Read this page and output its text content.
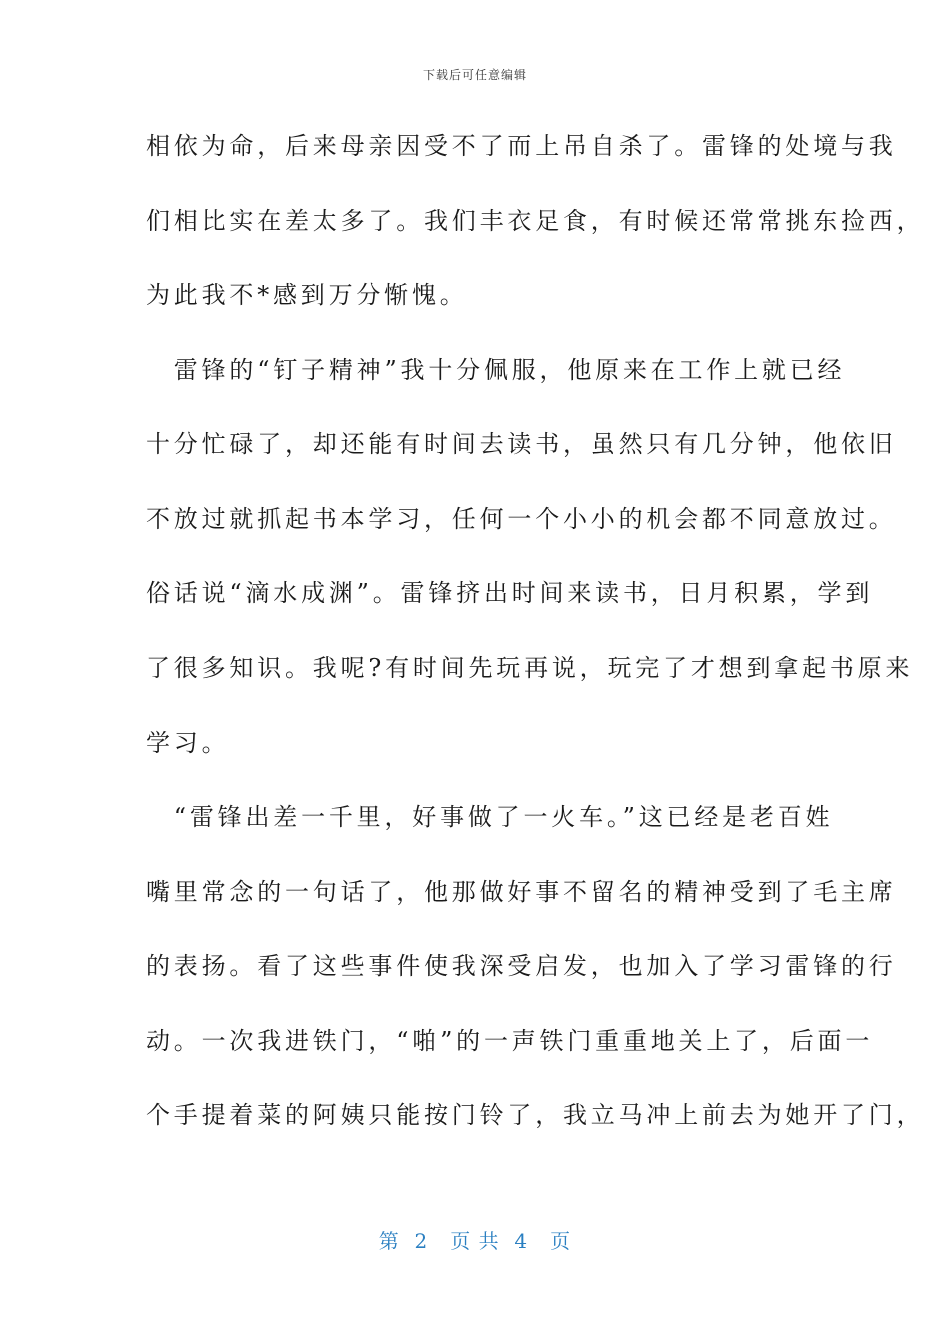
下载后可任意编辑
相依为命，后来母亲因受不了而上吊自杀了。雷锋的处境与我
们相比实在差太多了。我们丰衣足食，有时候还常常挑东捡西，
为此我不*感到万分惭愧。
　雷锋的“钉子精神”我十分佩服，他原来在工作上就已经
十分忙碌了，却还能有时间去读书，虽然只有几分钟，他依旧
不放过就抓起书本学习，任何一个小小的机会都不同意放过。
俗话说“滴水成渊”。雷锋挤出时间来读书，日月积累，学到
了很多知识。我呢?有时间先玩再说，玩完了才想到拿起书原来
学习。
　“雷锋出差一千里，好事做了一火车。”这已经是老百姓
嘴里常念的一句话了，他那做好事不留名的精神受到了毛主席
的表扬。看了这些事件使我深受启发，也加入了学习雷锋的行
动。一次我进铁门，“啪”的一声铁门重重地关上了，后面一
个手提着菜的阿姨只能按门铃了，我立马冲上前去为她开了门，
第  2   页 共  4   页
